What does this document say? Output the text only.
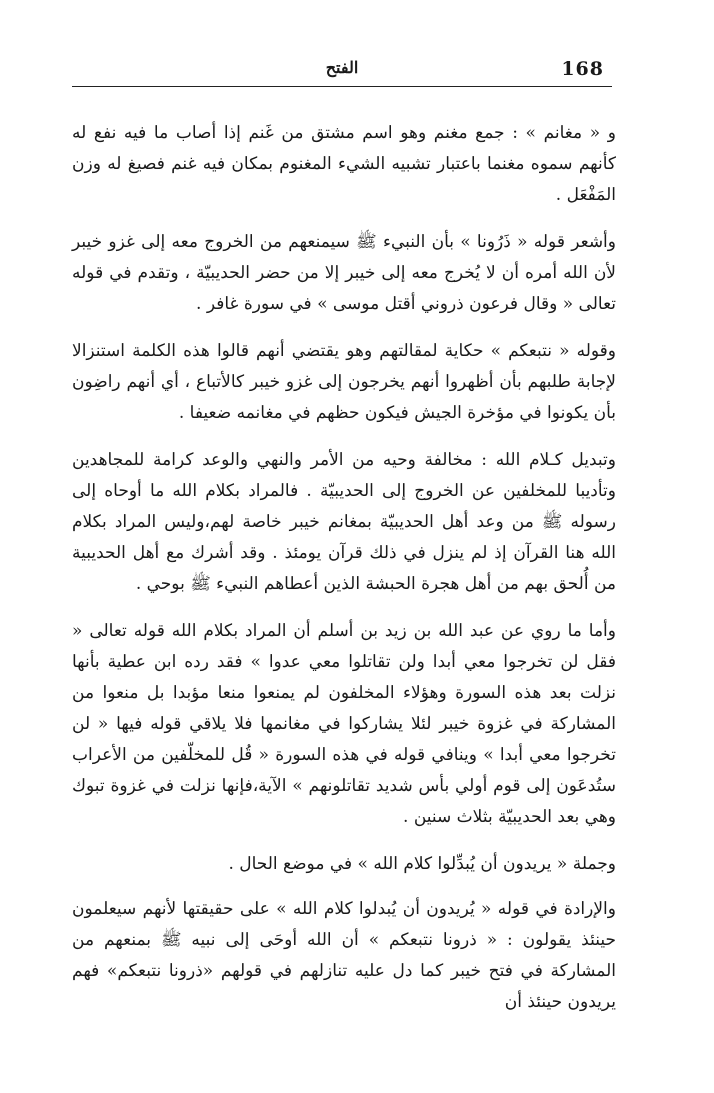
168
الفتح

و « مغانم » : جمع مغنم وهو اسم مشتق من غَنم إذا أصاب ما فيه نفع له كأنهم سموه مغنما باعتبار تشبيه الشيء المغنوم بمكان فيه غنم فصيغ له وزن المَفْعَل .

وأشعر قوله « ذَرُونا » بأن النبيء ﷺ سيمنعهم من الخروج معه إلى غزو خيبر لأن الله أمره أن لا يُخرج معه إلى خيبر إلا من حضر الحديبيّة ، وتقدم في قوله تعالى « وقال فرعون ذروني أقتل موسى » في سورة غافر .

وقوله « نتبعكم » حكاية لمقالتهم وهو يقتضي أنهم قالوا هذه الكلمة استنزالا لإجابة طلبهم بأن أظهروا أنهم يخرجون إلى غزو خيبر كالأتباع ، أي أنهم راضِون بأن يكونوا في مؤخرة الجيش فيكون حظهم في مغانمه ضعيفا .

وتبديل كـلام الله : مخالفة وحيه من الأمر والنهي والوعد كرامة للمجاهدين وتأديبا للمخلفين عن الخروج إلى الحديبيّة . فالمراد بكلام الله ما أوحاه إلى رسوله ﷺ من وعد أهل الحديبيّة بمغانم خيبر خاصة لهم،وليس المراد بكلام الله هنا القرآن إذ لم ينزل في ذلك قرآن يومئذ . وقد أشرك مع أهل الحديبية من أُلحق بهم من أهل هجرة الحبشة الذين أعطاهم النبيء ﷺ بوحي .

وأما ما روي عن عبد الله بن زيد بن أسلم أن المراد بكلام الله قوله تعالى « فقل لن تخرجوا معي أبدا ولن تقاتلوا معي عدوا » فقد رده ابن عطية بأنها نزلت بعد هذه السورة وهؤلاء المخلفون لم يمنعوا منعا مؤبدا بل منعوا من المشاركة في غزوة خيبر لئلا يشاركوا في مغانمها فلا يلاقي قوله فيها « لن تخرجوا معي أبدا » وينافي قوله في هذه السورة « قُل للمخلّفين من الأعراب ستُدعَون إلى قوم أولي بأس شديد تقاتلونهم » الآية،فإنها نزلت في غزوة تبوك وهي بعد الحديبيّة بثلاث سنين .

وجملة « يريدون أن يُبدِّلوا كلام الله » في موضع الحال .

والإرادة في قوله « يُريدون أن يُبدلوا كلام الله » على حقيقتها لأنهم سيعلمون حينئذ يقولون : « ذرونا نتبعكم » أن الله أوحَى إلى نبيه ﷺ بمنعهم من المشاركة في فتح خيبر كما دل عليه تنازلهم في قولهم «ذرونا نتبعكم» فهم يريدون حينئذ أن
